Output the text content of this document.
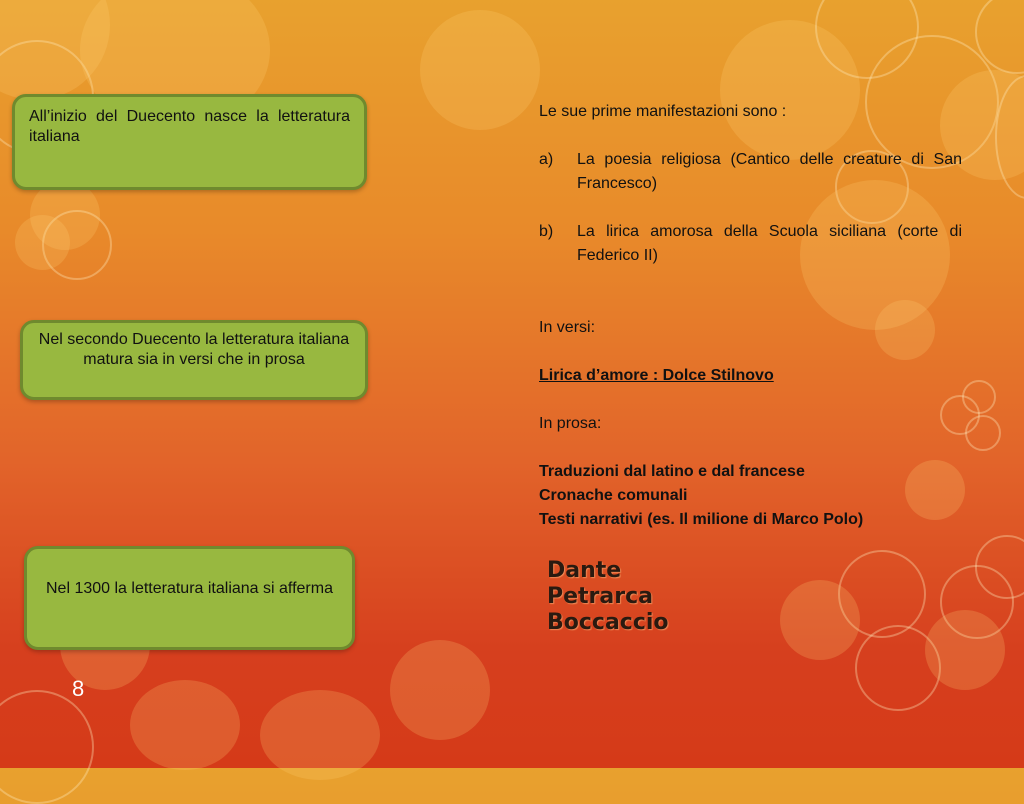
All’inizio del Duecento nasce la letteratura italiana
Nel secondo Duecento la letteratura italiana matura sia in versi che in prosa
Nel 1300 la letteratura italiana si afferma
8

Le sue prime manifestazioni sono :

a)	La poesia religiosa (Cantico delle creature di San Francesco)
b)	La lirica amorosa della Scuola siciliana (corte di Federico II)

In versi:

Lirica d’amore : Dolce Stilnovo

In prosa:

Traduzioni dal latino e dal francese

Cronache comunali

Testi narrativi (es. Il milione di Marco Polo)

Dante
Petrarca
Boccaccio
